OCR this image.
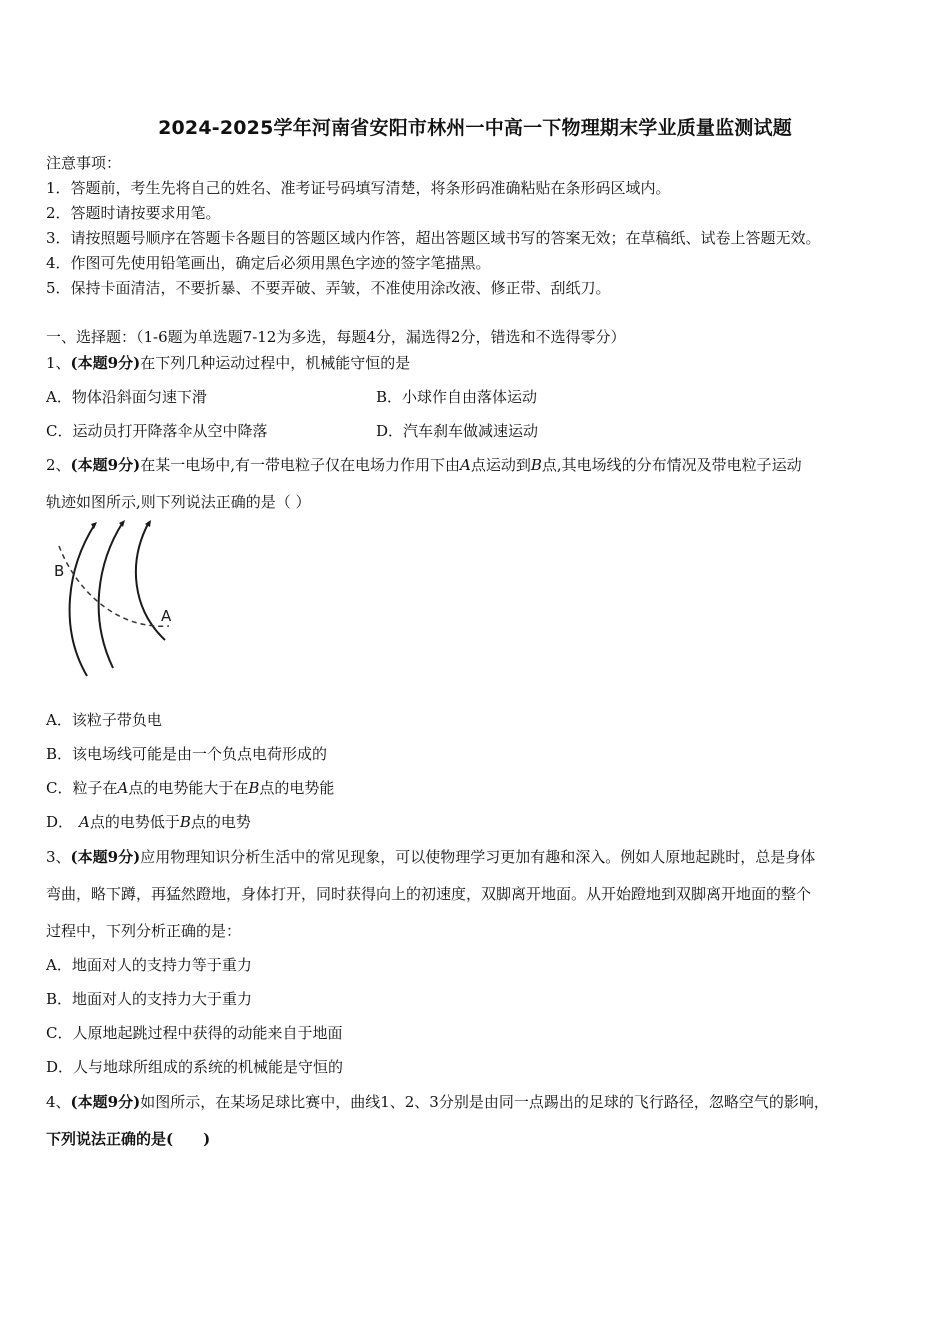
2024-2025学年河南省安阳市林州一中高一下物理期末学业质量监测试题
注意事项：
1．答题前，考生先将自己的姓名、准考证号码填写清楚，将条形码准确粘贴在条形码区域内。
2．答题时请按要求用笔。
3．请按照题号顺序在答题卡各题目的答题区域内作答，超出答题区域书写的答案无效；在草稿纸、试卷上答题无效。
4．作图可先使用铅笔画出，确定后必须用黑色字迹的签字笔描黑。
5．保持卡面清洁，不要折暴、不要弄破、弄皱，不准使用涂改液、修正带、刮纸刀。
一、选择题：（1-6题为单选题7-12为多选，每题4分，漏选得2分，错选和不选得零分）
1、(本题9分)在下列几种运动过程中，机械能守恒的是
A．物体沿斜面匀速下滑	B．小球作自由落体运动
C．运动员打开降落伞从空中降落	D．汽车刹车做减速运动
2、(本题9分)在某一电场中,有一带电粒子仅在电场力作用下由A点运动到B点,其电场线的分布情况及带电粒子运动
轨迹如图所示,则下列说法正确的是（ ）
B
A
A．该粒子带负电
B．该电场线可能是由一个负点电荷形成的
C．粒子在A点的电势能大于在B点的电势能
D． A点的电势低于B点的电势
3、(本题9分)应用物理知识分析生活中的常见现象，可以使物理学习更加有趣和深入。例如人原地起跳时，总是身体
弯曲，略下蹲，再猛然蹬地，身体打开，同时获得向上的初速度，双脚离开地面。从开始蹬地到双脚离开地面的整个
过程中，下列分析正确的是：
A．地面对人的支持力等于重力
B．地面对人的支持力大于重力
C．人原地起跳过程中获得的动能来自于地面
D．人与地球所组成的系统的机械能是守恒的
4、(本题9分)如图所示，在某场足球比赛中，曲线1、2、3分别是由同一点踢出的足球的飞行路径，忽略空气的影响，
下列说法正确的是(　　)
